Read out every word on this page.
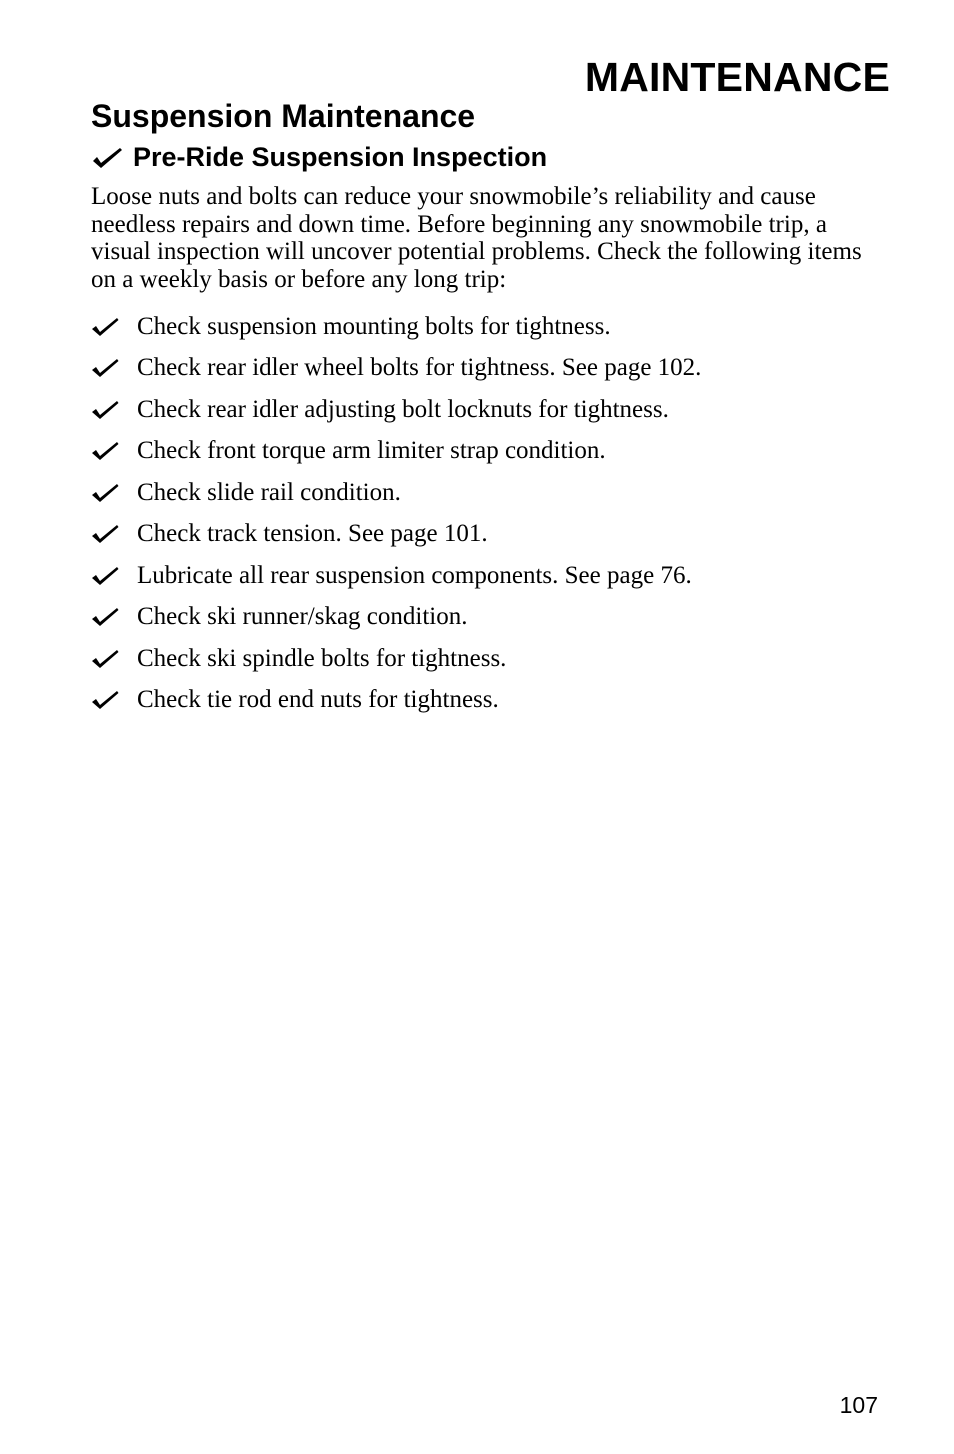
MAINTENANCE
Suspension Maintenance
Pre-Ride Suspension Inspection

Loose nuts and bolts can reduce your snowmobile’s reliability and cause needless repairs and down time. Before beginning any snowmobile trip, a visual inspection will uncover potential problems. Check the following items on a weekly basis or before any long trip:

Check suspension mounting bolts for tightness.
Check rear idler wheel bolts for tightness. See page 102.
Check rear idler adjusting bolt locknuts for tightness.
Check front torque arm limiter strap condition.
Check slide rail condition.
Check track tension. See page 101.
Lubricate all rear suspension components. See page 76.
Check ski runner/skag condition.
Check ski spindle bolts for tightness.
Check tie rod end nuts for tightness.
107
